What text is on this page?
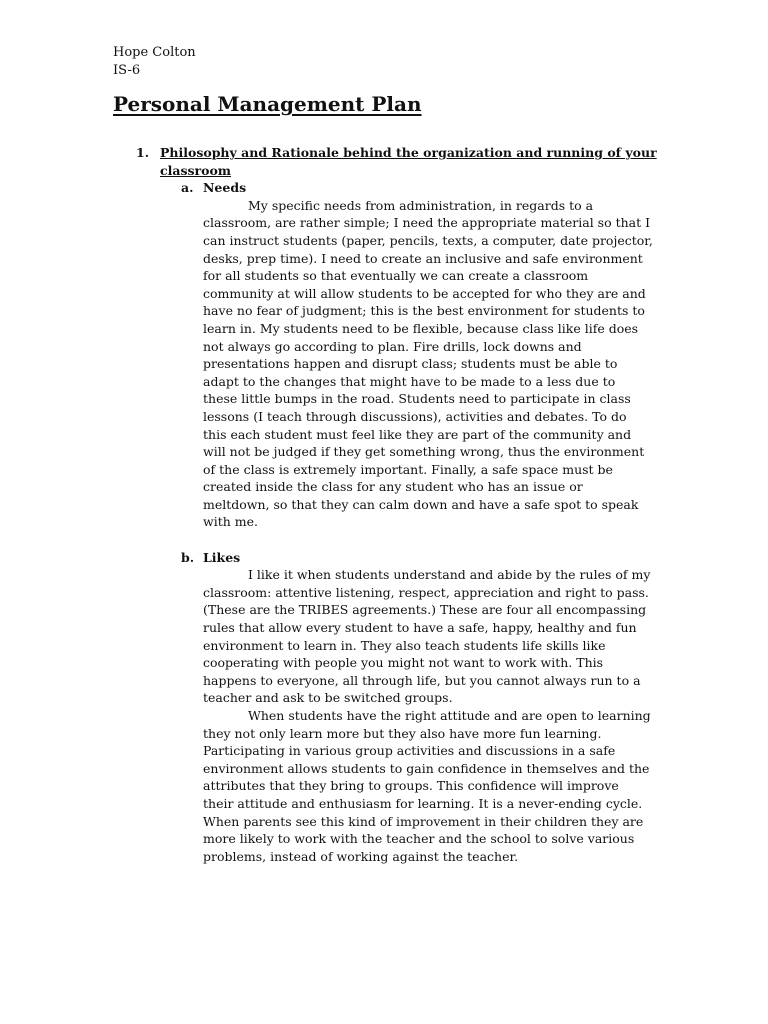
Hope Colton
IS-6
Personal Management Plan
1. Philosophy and Rationale behind the organization and running of your classroom
a. Needs

My specific needs from administration, in regards to a classroom, are rather simple; I need the appropriate material so that I can instruct students (paper, pencils, texts, a computer, date projector, desks, prep time). I need to create an inclusive and safe environment for all students so that eventually we can create a classroom community at will allow students to be accepted for who they are and have no fear of judgment; this is the best environment for students to learn in. My students need to be flexible, because class like life does not always go according to plan. Fire drills, lock downs and presentations happen and disrupt class; students must be able to adapt to the changes that might have to be made to a less due to these little bumps in the road. Students need to participate in class lessons (I teach through discussions), activities and debates. To do this each student must feel like they are part of the community and will not be judged if they get something wrong, thus the environment of the class is extremely important. Finally, a safe space must be created inside the class for any student who has an issue or meltdown, so that they can calm down and have a safe spot to speak with me.

b. Likes

I like it when students understand and abide by the rules of my classroom: attentive listening, respect, appreciation and right to pass. (These are the TRIBES agreements.) These are four all encompassing rules that allow every student to have a safe, happy, healthy and fun environment to learn in. They also teach students life skills like cooperating with people you might not want to work with. This happens to everyone, all through life, but you cannot always run to a teacher and ask to be switched groups.

When students have the right attitude and are open to learning they not only learn more but they also have more fun learning. Participating in various group activities and discussions in a safe environment allows students to gain confidence in themselves and the attributes that they bring to groups. This confidence will improve their attitude and enthusiasm for learning. It is a never-ending cycle. When parents see this kind of improvement in their children they are more likely to work with the teacher and the school to solve various problems, instead of working against the teacher.
